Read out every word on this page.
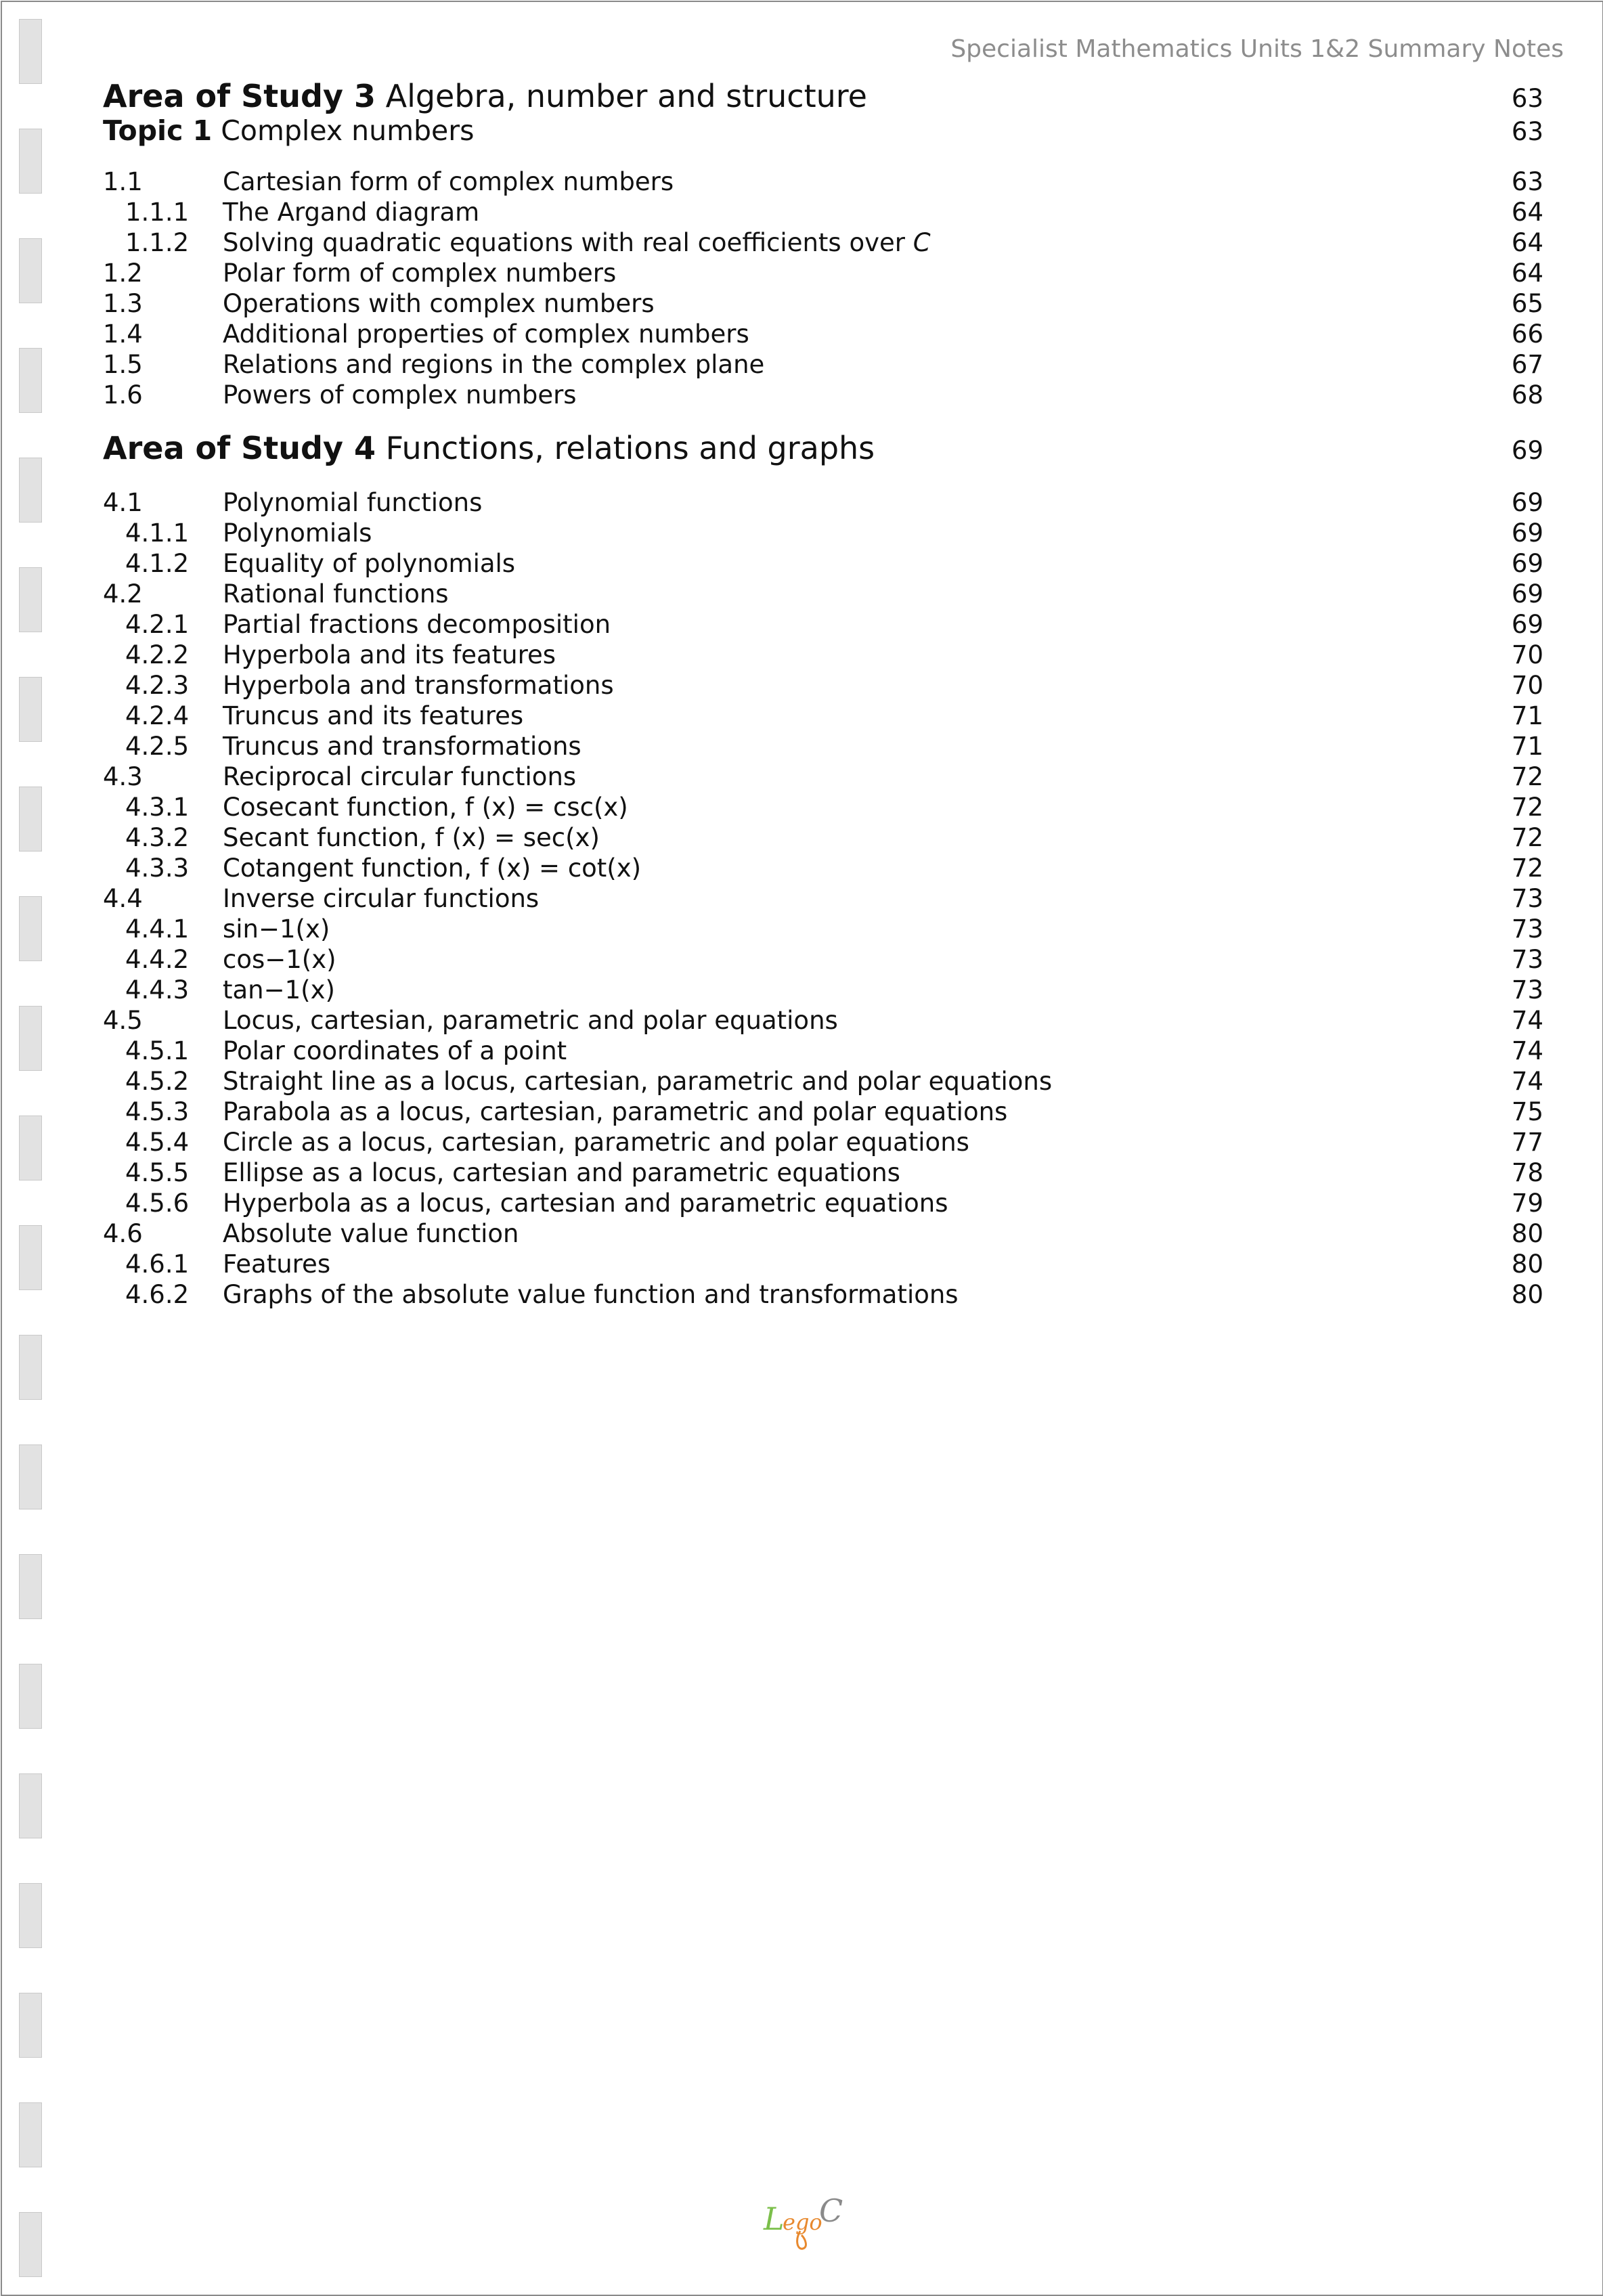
Specialist Mathematics Units 1&2 Summary Notes
Area of Study 3 Algebra, number and structure	63
Topic 1 Complex numbers	63
1.1	Cartesian form of complex numbers	63
1.1.1 The Argand diagram	64
1.1.2 Solving quadratic equations with real coefficients over C	64
1.2	Polar form of complex numbers	64
1.3	Operations with complex numbers	65
1.4	Additional properties of complex numbers	66
1.5	Relations and regions in the complex plane	67
1.6	Powers of complex numbers	68
Area of Study 4 Functions, relations and graphs	69
4.1	Polynomial functions	69
4.1.1 Polynomials	69
4.1.2 Equality of polynomials	69
4.2	Rational functions	69
4.2.1 Partial fractions decomposition	69
4.2.2 Hyperbola and its features	70
4.2.3 Hyperbola and transformations	70
4.2.4 Truncus and its features	71
4.2.5 Truncus and transformations	71
4.3	Reciprocal circular functions	72
4.3.1 Cosecant function, f (x) = csc(x)	72
4.3.2 Secant function, f (x) = sec(x)	72
4.3.3 Cotangent function, f (x) = cot(x)	72
4.4	Inverse circular functions	73
4.4.1 sin−1(x)	73
4.4.2 cos−1(x)	73
4.4.3 tan−1(x)	73
4.5	Locus, cartesian, parametric and polar equations	74
4.5.1 Polar coordinates of a point	74
4.5.2 Straight line as a locus, cartesian, parametric and polar equations	74
4.5.3 Parabola as a locus, cartesian, parametric and polar equations	75
4.5.4 Circle as a locus, cartesian, parametric and polar equations	77
4.5.5 Ellipse as a locus, cartesian and parametric equations	78
4.5.6 Hyperbola as a locus, cartesian and parametric equations	79
4.6	Absolute value function	80
4.6.1 Features	80
4.6.2 Graphs of the absolute value function and transformations	80
L
ego
C
